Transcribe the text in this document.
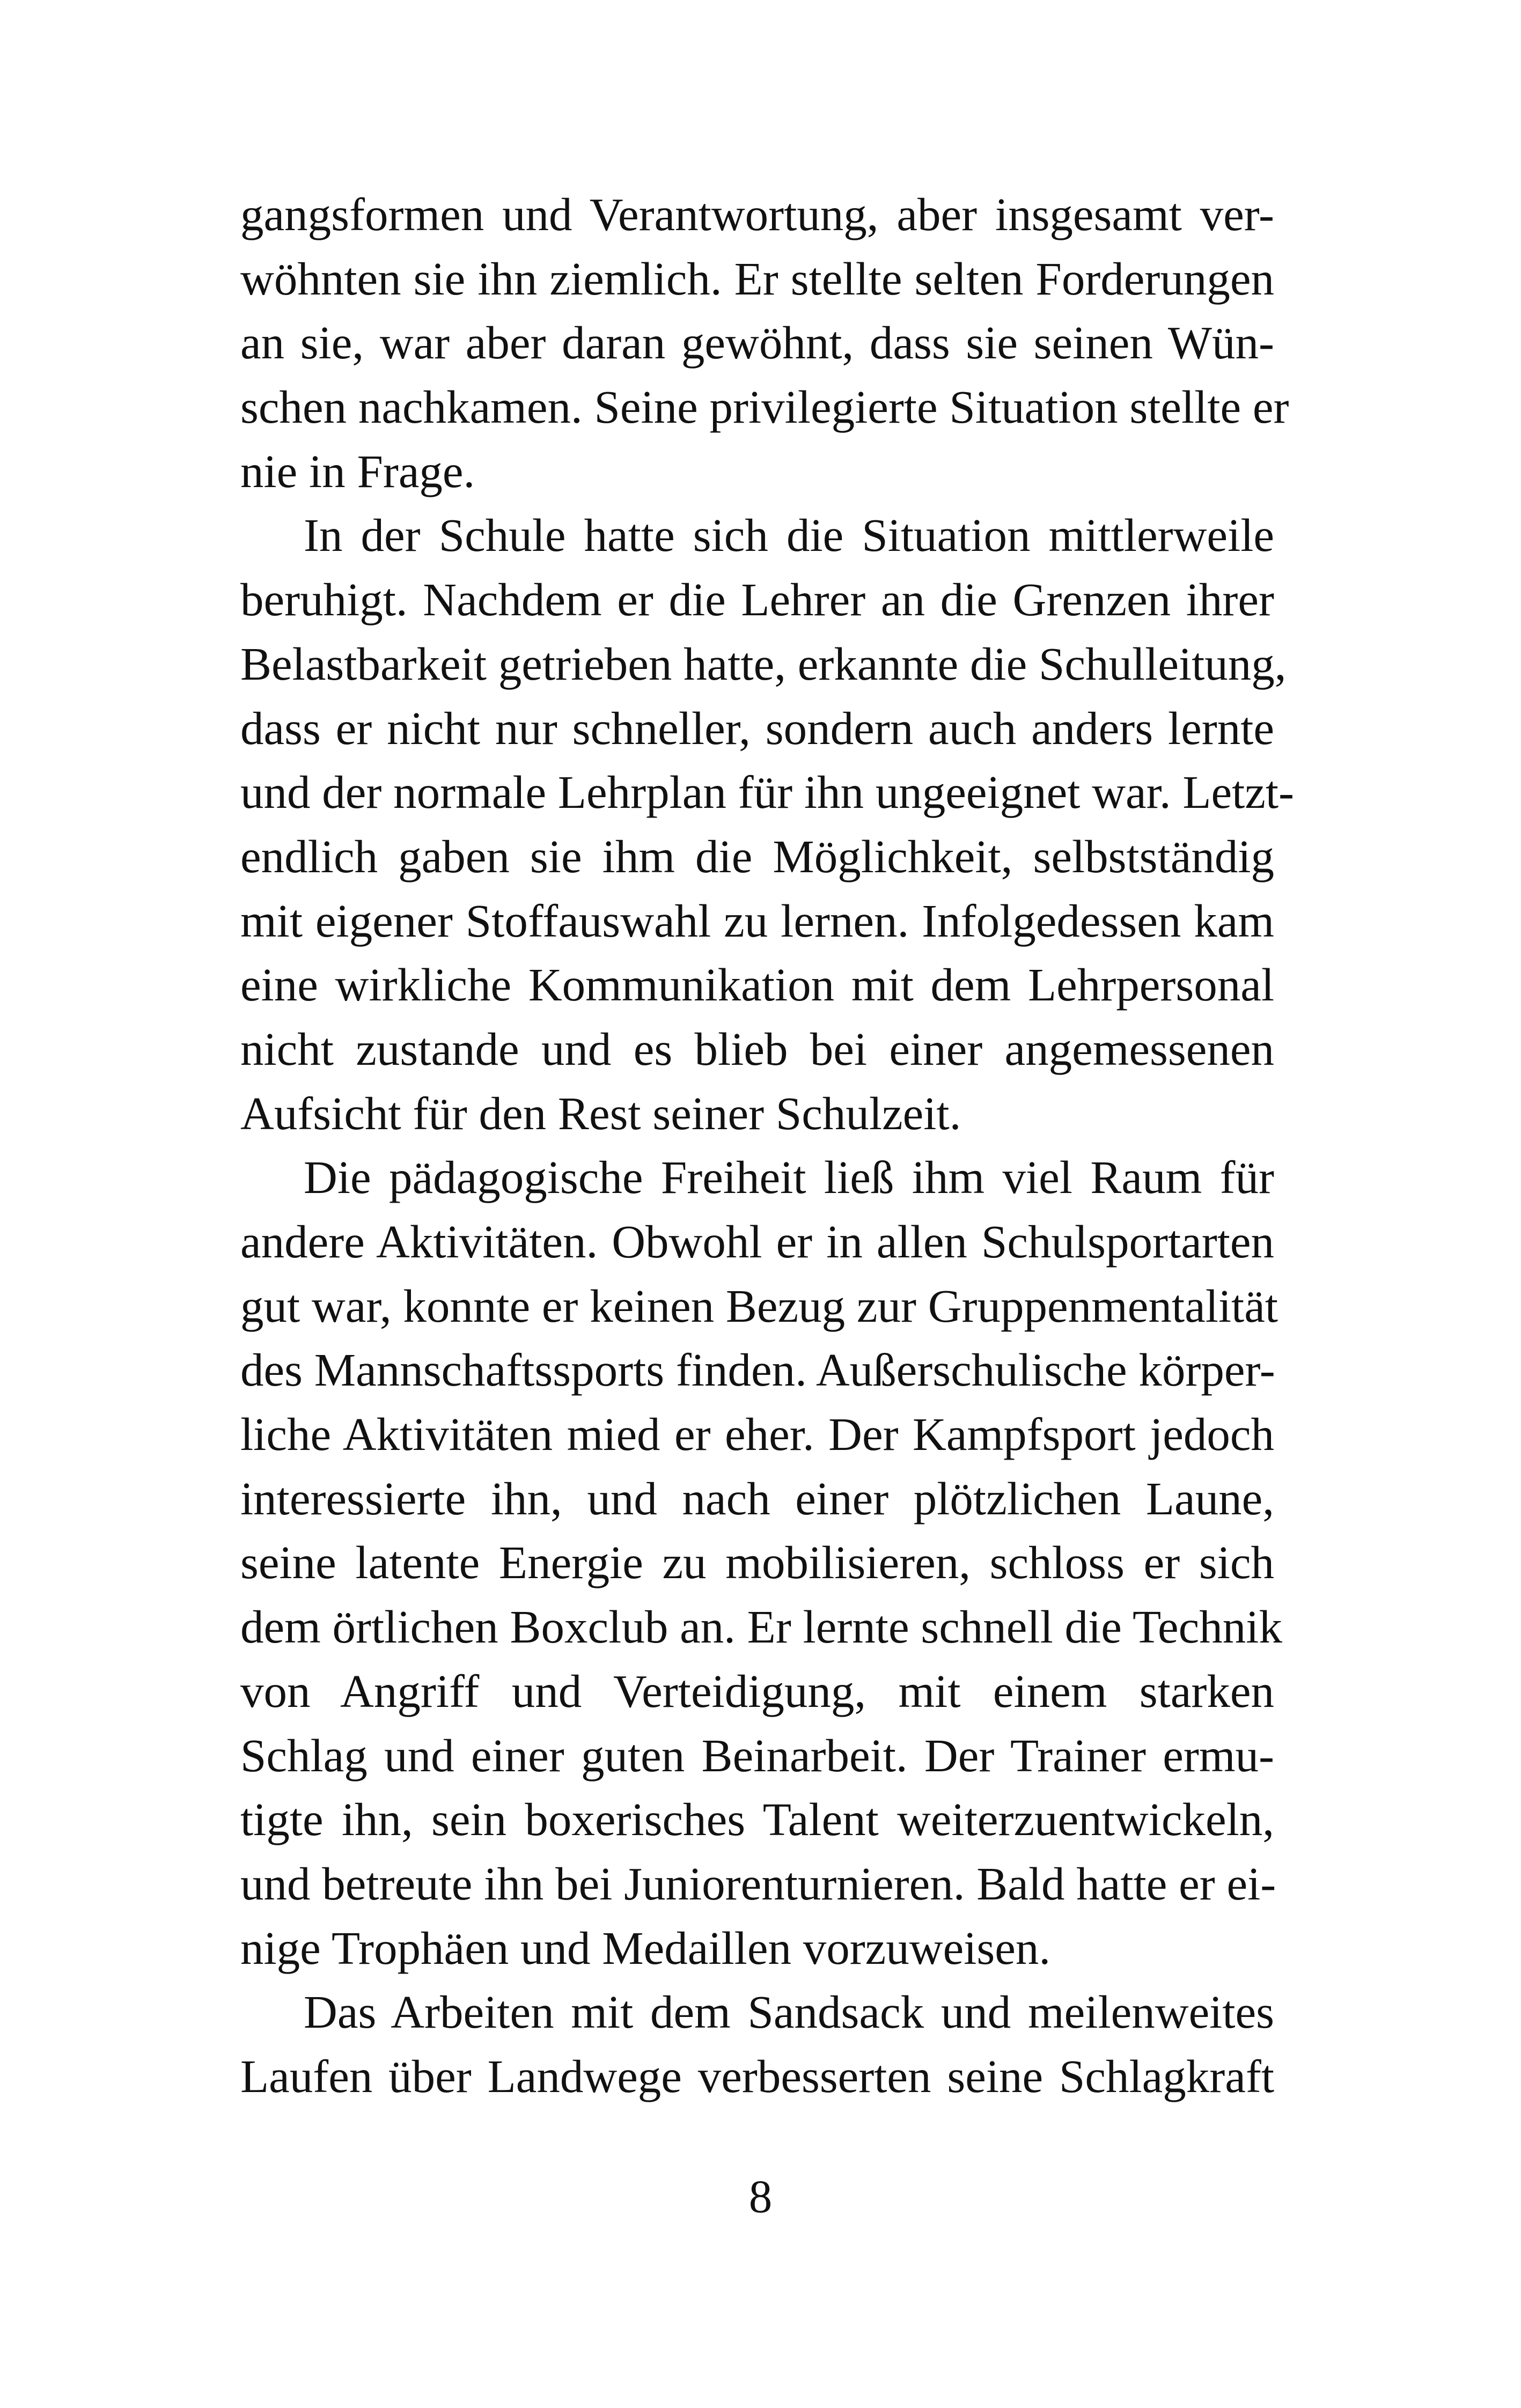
gangsformen und Verantwortung, aber insgesamt ver-
wöhnten sie ihn ziemlich. Er stellte selten Forderungen
an sie, war aber daran gewöhnt, dass sie seinen Wün-
schen nachkamen. Seine privilegierte Situation stellte er
nie in Frage.
In der Schule hatte sich die Situation mittlerweile
beruhigt. Nachdem er die Lehrer an die Grenzen ihrer
Belastbarkeit getrieben hatte, erkannte die Schulleitung,
dass er nicht nur schneller, sondern auch anders lernte
und der normale Lehrplan für ihn ungeeignet war. Letzt-
endlich gaben sie ihm die Möglichkeit, selbstständig
mit eigener Stoffauswahl zu lernen. Infolgedessen kam
eine wirkliche Kommunikation mit dem Lehrpersonal
nicht zustande und es blieb bei einer angemessenen
Aufsicht für den Rest seiner Schulzeit.
Die pädagogische Freiheit ließ ihm viel Raum für
andere Aktivitäten. Obwohl er in allen Schulsportarten
gut war, konnte er keinen Bezug zur Gruppenmentalität
des Mannschaftssports finden. Außerschulische körper-
liche Aktivitäten mied er eher. Der Kampfsport jedoch
interessierte ihn, und nach einer plötzlichen Laune,
seine latente Energie zu mobilisieren, schloss er sich
dem örtlichen Boxclub an. Er lernte schnell die Technik
von Angriff und Verteidigung, mit einem starken
Schlag und einer guten Beinarbeit. Der Trainer ermu-
tigte ihn, sein boxerisches Talent weiterzuentwickeln,
und betreute ihn bei Juniorenturnieren. Bald hatte er ei-
nige Trophäen und Medaillen vorzuweisen.
Das Arbeiten mit dem Sandsack und meilenweites
Laufen über Landwege verbesserten seine Schlagkraft
8
